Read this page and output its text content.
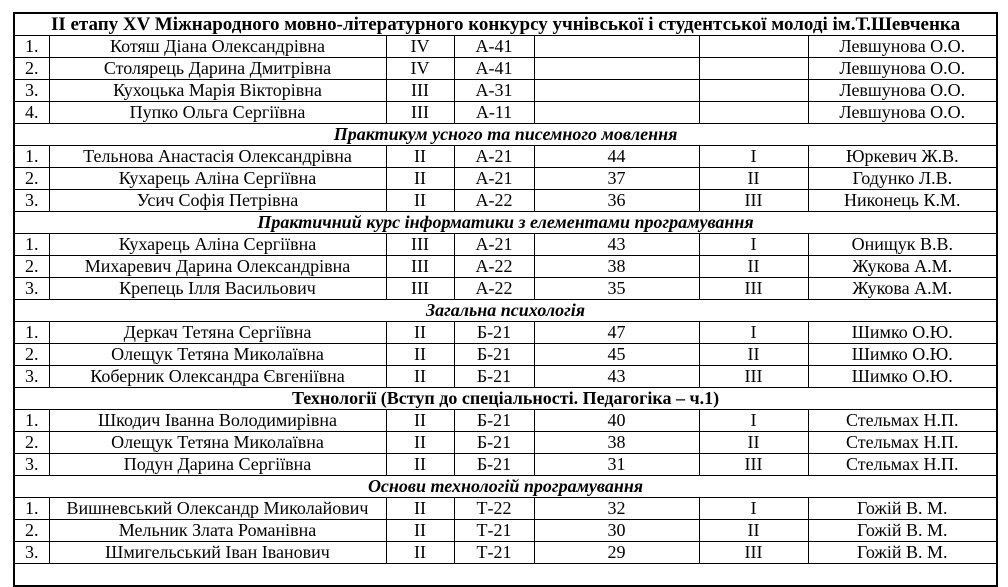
ІІ етапу XV Міжнародного мовно-літературного конкурсу учнівської і студентської молоді ім.Т.Шевченка						
1.	Котяш Діана Олександрівна	IV	А-41			Левшунова О.О.
2.	Столярець Дарина Дмитрівна	IV	А-41			Левшунова О.О.
3.	Кухоцька Марія Вікторівна	ІІІ	А-31			Левшунова О.О.
4.	Пупко Ольга Сергіївна	ІІІ	А-11			Левшунова О.О.
Практикум усного та писемного мовлення						
1.	Тельнова Анастасія Олександрівна	ІІ	А-21	44	І	Юркевич Ж.В.
2.	Кухарець Аліна Сергіївна	ІІ	А-21	37	ІІ	Годунко Л.В.
3.	Усич Софія Петрівна	ІІ	А-22	36	ІІІ	Никонець К.М.
Практичний курс інформатики з елементами програмування						
1.	Кухарець Аліна Сергіївна	ІІІ	А-21	43	І	Онищук В.В.
2.	Михаревич Дарина Олександрівна	ІІІ	А-22	38	ІІ	Жукова А.М.
3.	Крепець Ілля Васильович	ІІІ	А-22	35	ІІІ	Жукова А.М.
Загальна психологія						
1.	Деркач Тетяна Сергіївна	ІІ	Б-21	47	І	Шимко О.Ю.
2.	Олещук Тетяна Миколаївна	ІІ	Б-21	45	ІІ	Шимко О.Ю.
3.	Коберник Олександра Євгеніївна	ІІ	Б-21	43	ІІІ	Шимко О.Ю.
Технології (Вступ до спеціальності. Педагогіка – ч.1)						
1.	Шкодич Іванна Володимирівна	ІІ	Б-21	40	І	Стельмах Н.П.
2.	Олещук Тетяна Миколаївна	ІІ	Б-21	38	ІІ	Стельмах Н.П.
3.	Подун Дарина Сергіївна	ІІ	Б-21	31	ІІІ	Стельмах Н.П.
Основи технологій програмування						
1.	Вишневський Олександр Миколайович	ІІ	Т-22	32	І	Гожій В. М.
2.	Мельник Злата Романівна	ІІ	Т-21	30	ІІ	Гожій В. М.
3.	Шмигельський Іван Іванович	ІІ	Т-21	29	ІІІ	Гожій В. М.
